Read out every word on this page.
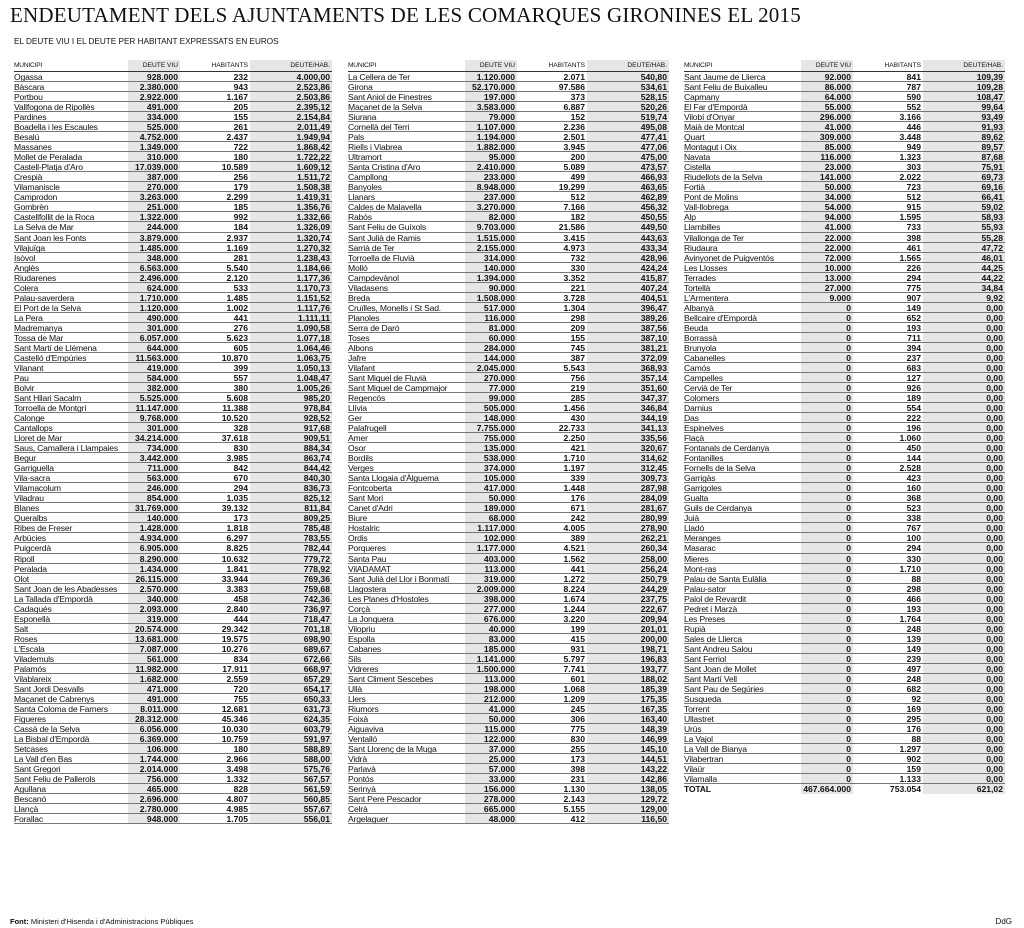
ENDEUTAMENT DELS AJUNTAMENTS DE LES COMARQUES GIRONINES EL 2015
EL DEUTE VIU I EL DEUTE PER HABITANT EXPRESSATS EN EUROS
MUNICIPI	DEUTE VIU	HABITANTS	DEUTE/HAB.
Ogassa	928.000	232	4.000,00
Bàscara	2.380.000	943	2.523,86
Portbou	2.922.000	1.167	2.503,86
Vallfogona de Ripollès	491.000	205	2.395,12
Pardines	334.000	155	2.154,84
Boadella i les Escaules	525.000	261	2.011,49
Besalú	4.752.000	2.437	1.949,94
Massanes	1.349.000	722	1.868,42
Mollet de Peralada	310.000	180	1.722,22
Castell-Platja d'Aro	17.039.000	10.589	1.609,12
Crespià	387.000	256	1.511,72
Vilamaniscle	270.000	179	1.508,38
Camprodon	3.263.000	2.299	1.419,31
Gombrèn	251.000	185	1.356,76
Castellfollit de la Roca	1.322.000	992	1.332,66
La Selva de Mar	244.000	184	1.326,09
Sant Joan les Fonts	3.879.000	2.937	1.320,74
Vilajuïga	1.485.000	1.169	1.270,32
Isòvol	348.000	281	1.238,43
Anglès	6.563.000	5.540	1.184,66
Riudarenes	2.496.000	2.120	1.177,36
Colera	624.000	533	1.170,73
Palau-saverdera	1.710.000	1.485	1.151,52
El Port de la Selva	1.120.000	1.002	1.117,76
La Pera	490.000	441	1.111,11
Madremanya	301.000	276	1.090,58
Tossa de Mar	6.057.000	5.623	1.077,18
Sant Martí de Llémena	644.000	605	1.064,46
Castelló d'Empúries	11.563.000	10.870	1.063,75
Vilanant	419.000	399	1.050,13
Pau	584.000	557	1.048,47
Bolvir	382.000	380	1.005,26
Sant Hilari Sacalm	5.525.000	5.608	985,20
Torroella de Montgrí	11.147.000	11.388	978,84
Calonge	9.768.000	10.520	928,52
Cantallops	301.000	328	917,68
Lloret de Mar	34.214.000	37.618	909,51
Saus, Camallera i Llampaies	734.000	830	884,34
Begur	3.442.000	3.985	863,74
Garriguella	711.000	842	844,42
Vila-sacra	563.000	670	840,30
Vilamacolum	246.000	294	836,73
Viladrau	854.000	1.035	825,12
Blanes	31.769.000	39.132	811,84
Queralbs	140.000	173	809,25
Ribes de Freser	1.428.000	1.818	785,48
Arbúcies	4.934.000	6.297	783,55
Puigcerdà	6.905.000	8.825	782,44
Ripoll	8.290.000	10.632	779,72
Peralada	1.434.000	1.841	778,92
Olot	26.115.000	33.944	769,36
Sant Joan de les Abadesses	2.570.000	3.383	759,68
La Tallada d'Empordà	340.000	458	742,36
Cadaqués	2.093.000	2.840	736,97
Esponellà	319.000	444	718,47
Salt	20.574.000	29.342	701,18
Roses	13.681.000	19.575	698,90
L'Escala	7.087.000	10.276	689,67
Vilademuls	561.000	834	672,66
Palamós	11.982.000	17.911	668,97
Vilablareix	1.682.000	2.559	657,29
Sant Jordi Desvalls	471.000	720	654,17
Maçanet de Cabrenys	491.000	755	650,33
Santa Coloma de Farners	8.011.000	12.681	631,73
Figueres	28.312.000	45.346	624,35
Cassà de la Selva	6.056.000	10.030	603,79
La Bisbal d'Empordà	6.369.000	10.759	591,97
Setcases	106.000	180	588,89
La Vall d'en Bas	1.744.000	2.966	588,00
Sant Gregori	2.014.000	3.498	575,76
Sant Feliu de Pallerols	756.000	1.332	567,57
Agullana	465.000	828	561,59
Bescanó	2.696.000	4.807	560,85
Llançà	2.780.000	4.985	557,67
Forallac	948.000	1.705	556,01
MUNICIPI	DEUTE VIU	HABITANTS	DEUTE/HAB.
La Cellera de Ter	1.120.000	2.071	540,80
Girona	52.170.000	97.586	534,61
Sant Aniol de Finestres	197.000	373	528,15
Maçanet de la Selva	3.583.000	6.887	520,26
Siurana	79.000	152	519,74
Cornellà del Terri	1.107.000	2.236	495,08
Pals	1.194.000	2.501	477,41
Riells i Viabrea	1.882.000	3.945	477,06
Ultramort	95.000	200	475,00
Santa Cristina d'Aro	2.410.000	5.089	473,57
Campllong	233.000	499	466,93
Banyoles	8.948.000	19.299	463,65
Llanars	237.000	512	462,89
Caldes de Malavella	3.270.000	7.166	456,32
Rabós	82.000	182	450,55
Sant Feliu de Guíxols	9.703.000	21.586	449,50
Sant Julià de Ramis	1.515.000	3.415	443,63
Sarrià de Ter	2.155.000	4.973	433,34
Torroella de Fluvià	314.000	732	428,96
Molló	140.000	330	424,24
Campdevànol	1.394.000	3.352	415,87
Viladasens	90.000	221	407,24
Breda	1.508.000	3.728	404,51
Cruïlles, Monells i St Sad.	517.000	1.304	396,47
Planoles	116.000	298	389,26
Serra de Daró	81.000	209	387,56
Toses	60.000	155	387,10
Albons	284.000	745	381,21
Jafre	144.000	387	372,09
Vilafant	2.045.000	5.543	368,93
Sant Miquel de Fluvià	270.000	756	357,14
Sant Miquel de Campmajor	77.000	219	351,60
Regencós	99.000	285	347,37
Llívia	505.000	1.456	346,84
Ger	148.000	430	344,19
Palafrugell	7.755.000	22.733	341,13
Amer	755.000	2.250	335,56
Osor	135.000	421	320,67
Bordils	538.000	1.710	314,62
Verges	374.000	1.197	312,45
Santa Llogaia d'Àlguema	105.000	339	309,73
Fontcoberta	417.000	1.448	287,98
Sant Mori	50.000	176	284,09
Canet d'Adri	189.000	671	281,67
Biure	68.000	242	280,99
Hostalric	1.117.000	4.005	278,90
Ordis	102.000	389	262,21
Porqueres	1.177.000	4.521	260,34
Santa Pau	403.000	1.562	258,00
VilADAMAT	113.000	441	256,24
Sant Julià del Llor i Bonmatí	319.000	1.272	250,79
Llagostera	2.009.000	8.224	244,29
Les Planes d'Hostoles	398.000	1.674	237,75
Corçà	277.000	1.244	222,67
La Jonquera	676.000	3.220	209,94
Vilopriu	40.000	199	201,01
Espolla	83.000	415	200,00
Cabanes	185.000	931	198,71
Sils	1.141.000	5.797	196,83
Vidreres	1.500.000	7.741	193,77
Sant Climent Sescebes	113.000	601	188,02
Ullà	198.000	1.068	185,39
Llers	212.000	1.209	175,35
Riumors	41.000	245	167,35
Foixà	50.000	306	163,40
Aiguaviva	115.000	775	148,39
Ventalló	122.000	830	146,99
Sant Llorenç de la Muga	37.000	255	145,10
Vidrà	25.000	173	144,51
Parlavà	57.000	398	143,22
Pontós	33.000	231	142,86
Serinyà	156.000	1.130	138,05
Sant Pere Pescador	278.000	2.143	129,72
Celrà	665.000	5.155	129,00
Argelaguer	48.000	412	116,50
MUNICIPI	DEUTE VIU	HABITANTS	DEUTE/HAB.
Sant Jaume de Llierca	92.000	841	109,39
Sant Feliu de Buixalleu	86.000	787	109,28
Capmany	64.000	590	108,47
El Far d'Empordà	55.000	552	99,64
Vilobí d'Onyar	296.000	3.166	93,49
Maià de Montcal	41.000	446	91,93
Quart	309.000	3.448	89,62
Montagut i Oix	85.000	949	89,57
Navata	116.000	1.323	87,68
Cistella	23.000	303	75,91
Riudellots de la Selva	141.000	2.022	69,73
Fortià	50.000	723	69,16
Pont de Molins	34.000	512	66,41
Vall-llobrega	54.000	915	59,02
Alp	94.000	1.595	58,93
Llambilles	41.000	733	55,93
Vilallonga de Ter	22.000	398	55,28
Riudaura	22.000	461	47,72
Avinyonet de Puigventós	72.000	1.565	46,01
Les Llosses	10.000	226	44,25
Terrades	13.000	294	44,22
Tortellà	27.000	775	34,84
L'Armentera	9.000	907	9,92
Albanyà	0	149	0,00
Bellcaire d'Empordà	0	652	0,00
Beuda	0	193	0,00
Borrassà	0	711	0,00
Brunyola	0	394	0,00
Cabanelles	0	237	0,00
Camós	0	683	0,00
Campelles	0	127	0,00
Cervià de Ter	0	926	0,00
Colomers	0	189	0,00
Darnius	0	554	0,00
Das	0	222	0,00
Espinelves	0	196	0,00
Flaçà	0	1.060	0,00
Fontanals de Cerdanya	0	450	0,00
Fontanilles	0	144	0,00
Fornells de la Selva	0	2.528	0,00
Garrigàs	0	423	0,00
Garrigoles	0	160	0,00
Gualta	0	368	0,00
Guils de Cerdanya	0	523	0,00
Juià	0	338	0,00
Lladó	0	767	0,00
Meranges	0	100	0,00
Masarac	0	294	0,00
Mieres	0	330	0,00
Mont-ras	0	1.710	0,00
Palau de Santa Eulàlia	0	88	0,00
Palau-sator	0	298	0,00
Palol de Revardit	0	466	0,00
Pedret i Marzà	0	193	0,00
Les Preses	0	1.764	0,00
Rupià	0	248	0,00
Sales de Llierca	0	139	0,00
Sant Andreu Salou	0	149	0,00
Sant Ferriol	0	239	0,00
Sant Joan de Mollet	0	497	0,00
Sant Martí Vell	0	248	0,00
Sant Pau de Segúries	0	682	0,00
Susqueda	0	92	0,00
Torrent	0	169	0,00
Ullastret	0	295	0,00
Urús	0	176	0,00
La Vajol	0	88	0,00
La Vall de Bianya	0	1.297	0,00
Vilabertran	0	902	0,00
Vilaür	0	159	0,00
Vilamalla	0	1.133	0,00
TOTAL	467.664.000	753.054	621,02
Font: Ministeri d'Hisenda i d'Administracions Públiques	DdG
